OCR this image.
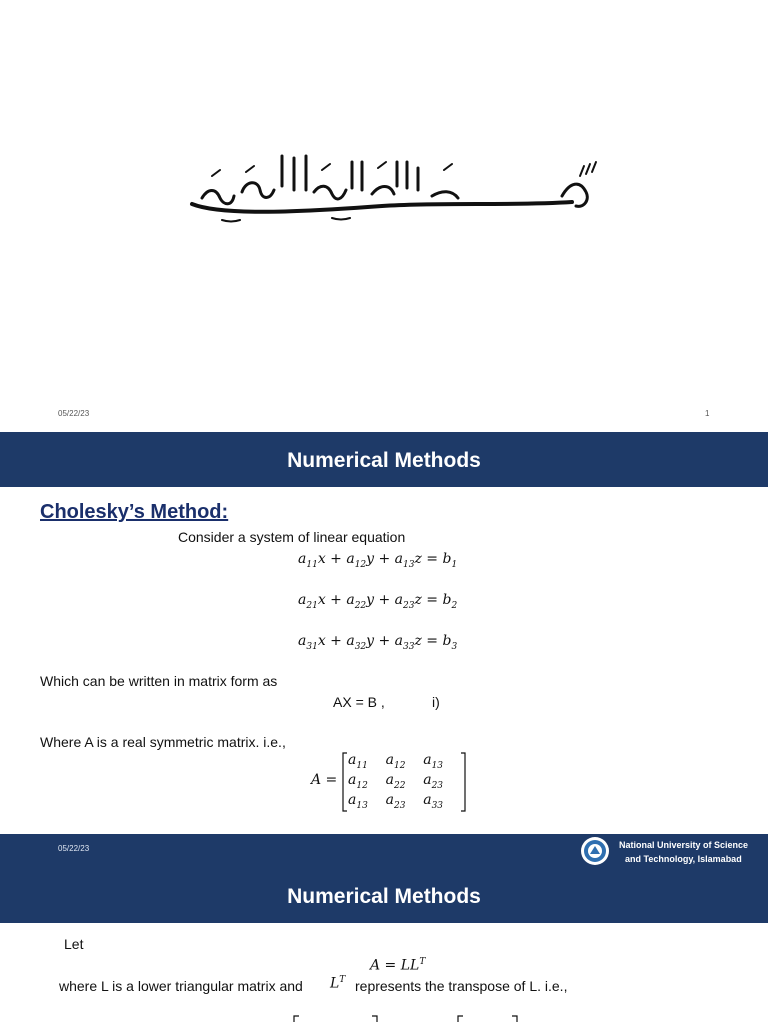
05/22/23	1
Numerical Methods
Cholesky’s Method:
Consider a system of linear equation
$a_{11}x + a_{12}y + a_{13}z = b_1$
$a_{21}x + a_{22}y + a_{23}z = b_2$
$a_{31}x + a_{32}y + a_{33}z = b_3$
Which can be written in matrix form as
AX = B ,	i)
Where A is a real symmetric matrix. i.e.,
A =
$a_{11}$    $a_{12}$    $a_{13}$
$a_{12}$    $a_{22}$    $a_{23}$
$a_{13}$    $a_{23}$    $a_{33}$
05/22/23	National University of Science
and Technology, Islamabad
Numerical Methods
Let
$A = LL^T$
where L is a lower triangular matrix and $L^T$ represents the transpose of L. i.e.,
